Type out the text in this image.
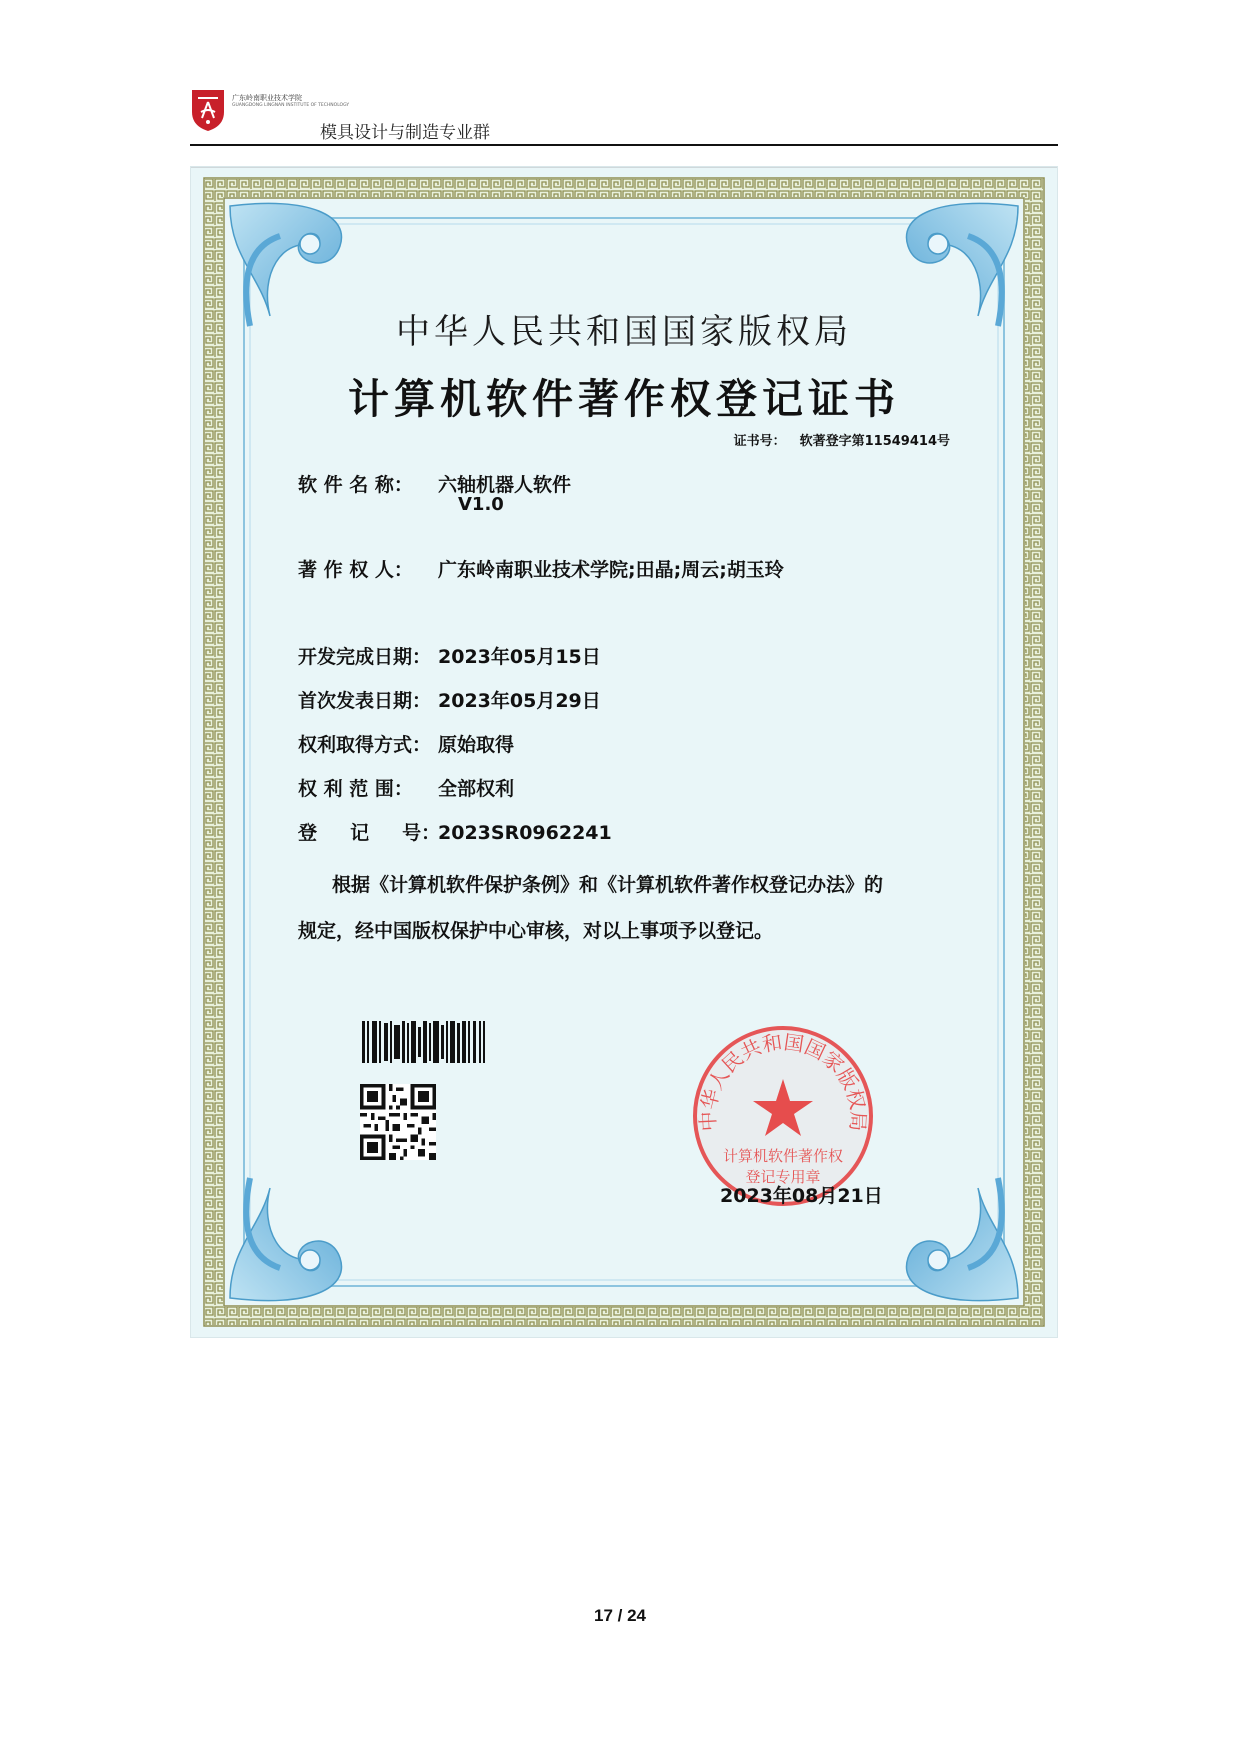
广东岭南职业技术学院
GUANGDONG LINGNAN INSTITUTE OF TECHNOLOGY
模具设计与制造专业群
中华人民共和国国家版权局
计算机软件著作权登记证书
证书号： 软著登字第11549414号
软 件 名 称： 六轴机器人软件
V1.0
著 作 权 人： 广东岭南职业技术学院;田晶;周云;胡玉玲
开发完成日期： 2023年05月15日
首次发表日期： 2023年05月29日
权利取得方式： 原始取得
权 利 范 围： 全部权利
登     记     号：2023SR0962241
根据《计算机软件保护条例》和《计算机软件著作权登记办法》的
规定，经中国版权保护中心审核，对以上事项予以登记。
中华人民共和国国家版权局
计算机软件著作权
登记专用章
2023年08月21日
17 / 24
